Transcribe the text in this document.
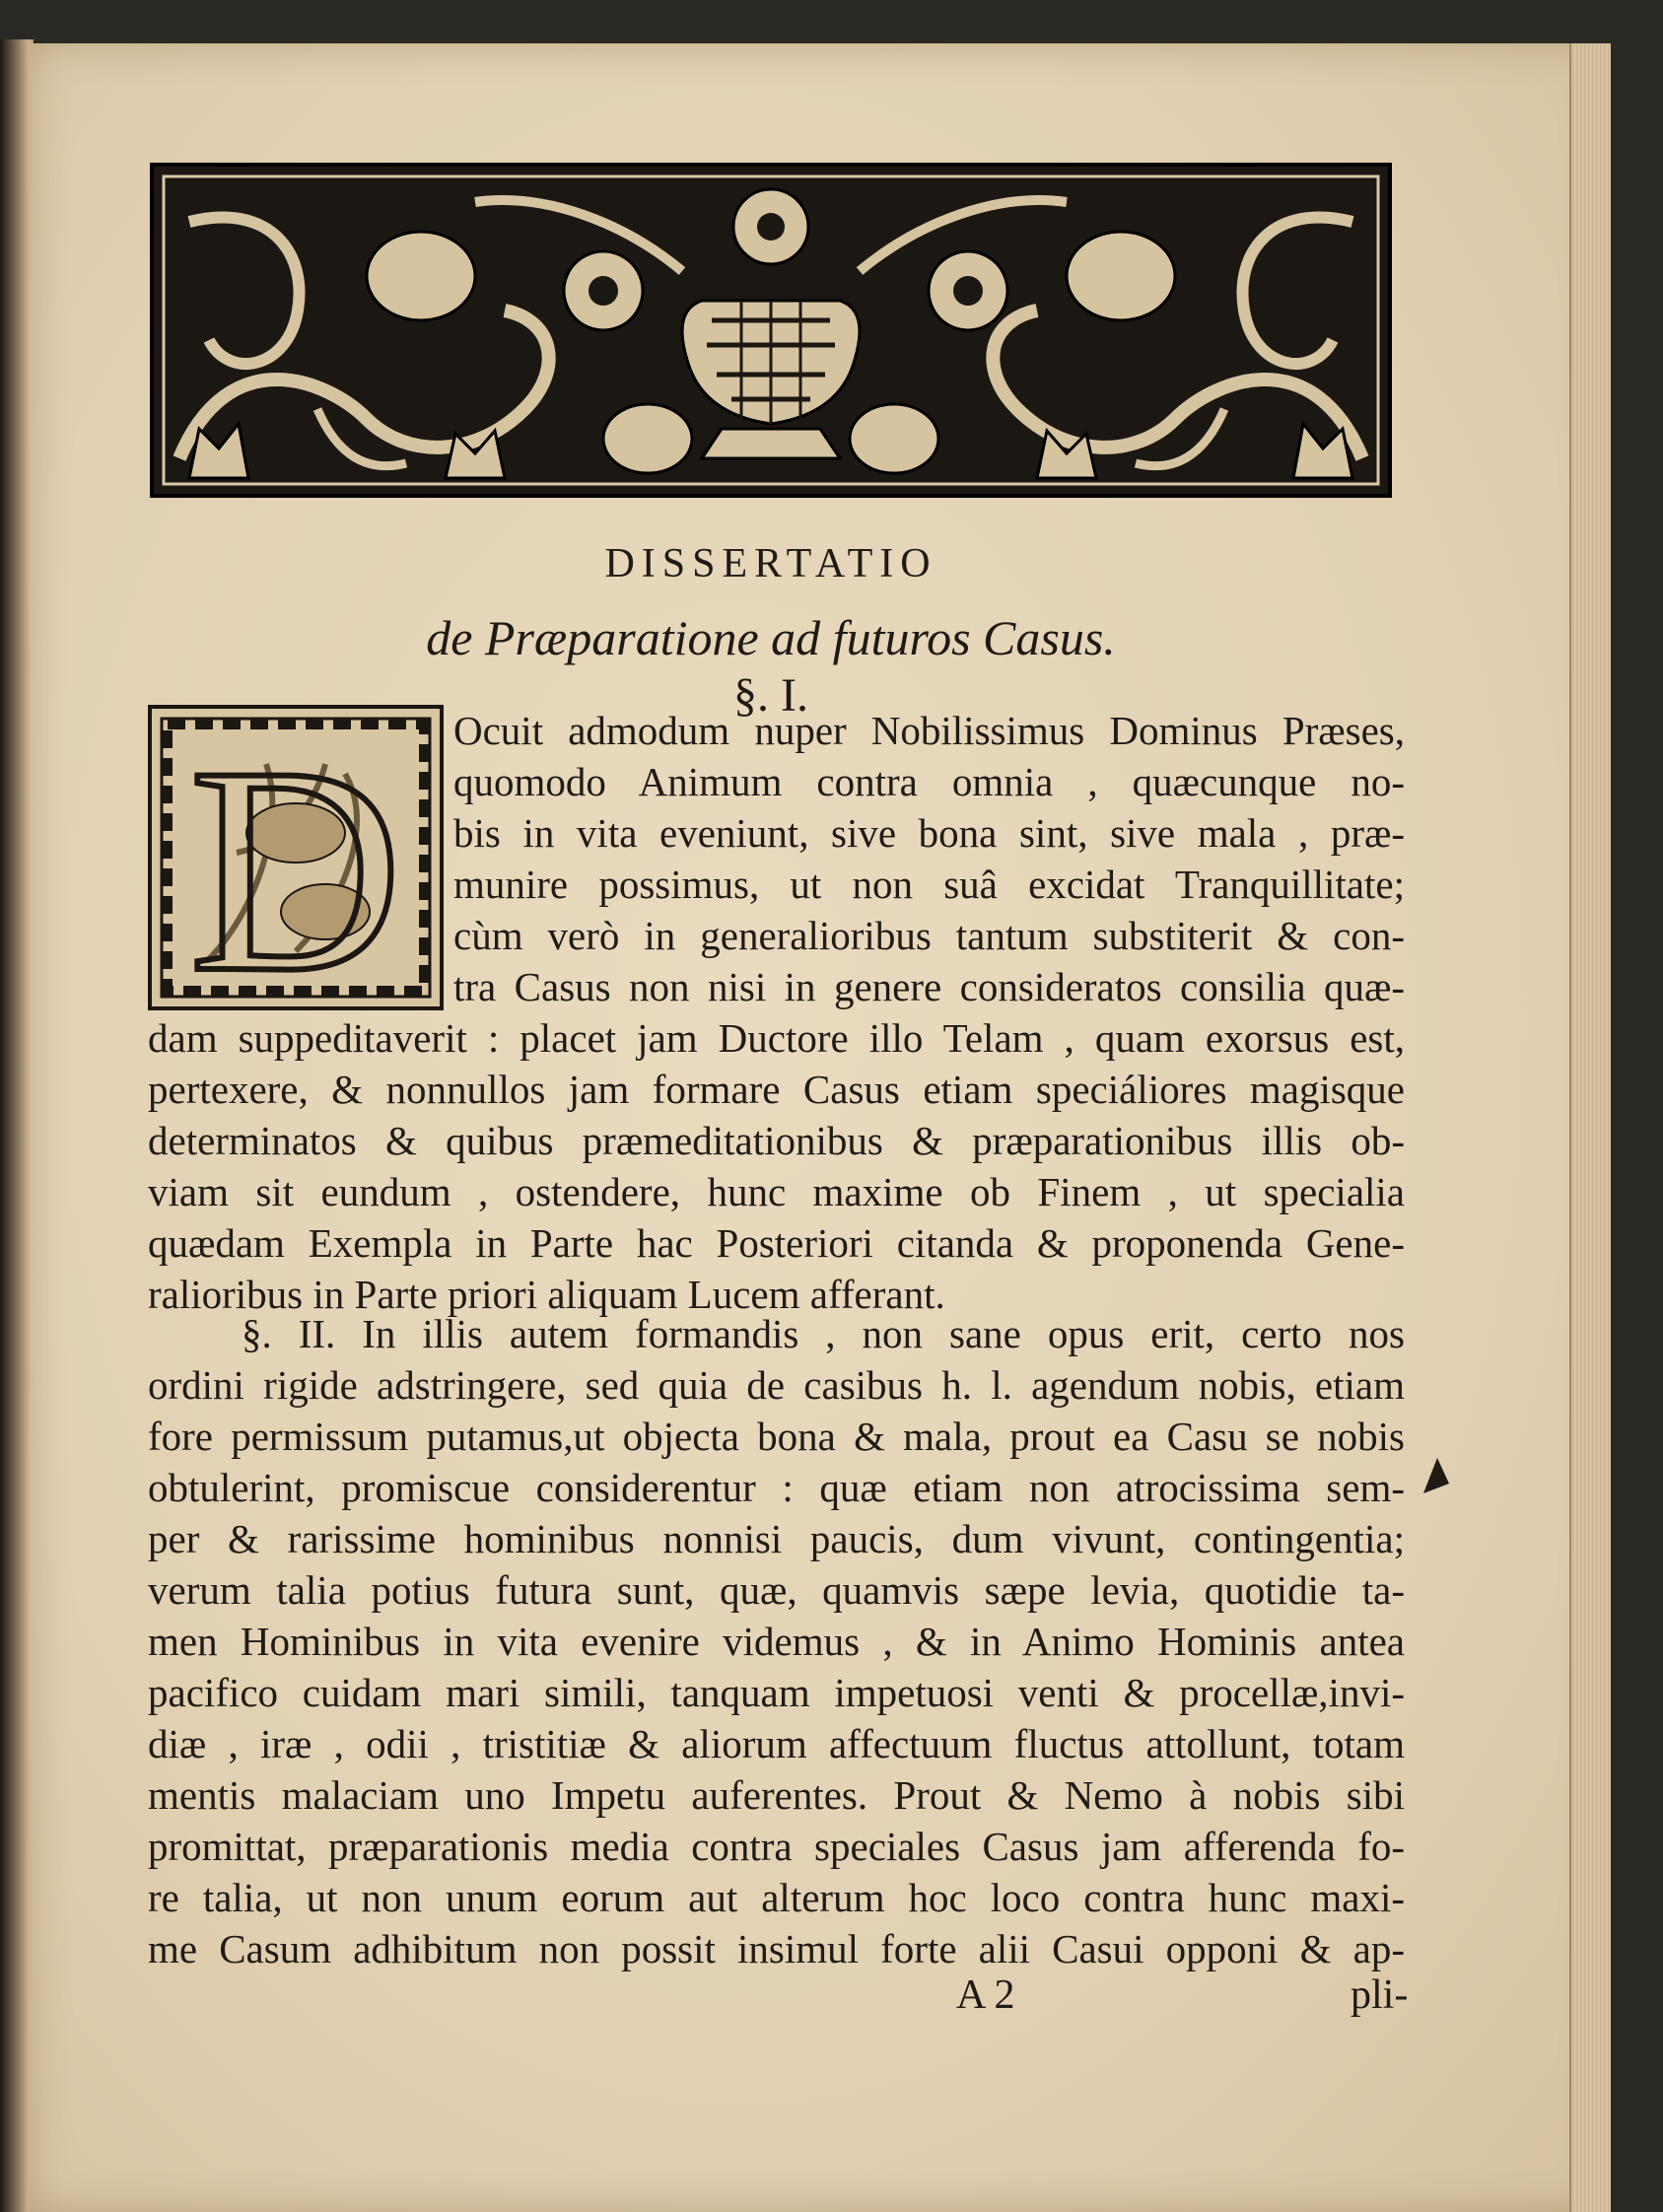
DISSERTATIO
de Præparatione ad futuros Casus.
§. I.
D Ocuit admodum nuper Nobilissimus Dominus Præses,
quomodo Animum contra omnia , quæcunque no-
bis in vita eveniunt, sive bona sint, sive mala , præ-
munire possimus, ut non suâ excidat Tranquillitate;
cùm verò in generalioribus tantum substiterit & con-
tra Casus non nisi in genere consideratos consilia quæ-
dam suppeditaverit : placet jam Ductore illo Telam , quam exorsus est,
pertexere, & nonnullos jam formare Casus etiam speciáliores magisque
determinatos & quibus præmeditationibus & præparationibus illis ob-
viam sit eundum , ostendere, hunc maxime ob Finem , ut specialia
quædam Exempla in Parte hac Posteriori citanda & proponenda Gene-
ralioribus in Parte priori aliquam Lucem afferant.
§. II. In illis autem formandis , non sane opus erit, certo nos
ordini rigide adstringere, sed quia de casibus h. l. agendum nobis, etiam
fore permissum putamus,ut objecta bona & mala, prout ea Casu se nobis
obtulerint, promiscue considerentur : quæ etiam non atrocissima sem-
per & rarissime hominibus nonnisi paucis, dum vivunt, contingentia;
verum talia potius futura sunt, quæ, quamvis sæpe levia, quotidie ta-
men Hominibus in vita evenire videmus , & in Animo Hominis antea
pacifico cuidam mari simili, tanquam impetuosi venti & procellæ,invi-
diæ , iræ , odii , tristitiæ & aliorum affectuum fluctus attollunt, totam
mentis malaciam uno Impetu auferentes. Prout & Nemo à nobis sibi
promittat, præparationis media contra speciales Casus jam afferenda fo-
re talia, ut non unum eorum aut alterum hoc loco contra hunc maxi-
me Casum adhibitum non possit insimul forte alii Casui opponi & ap-
A 2	pli-
